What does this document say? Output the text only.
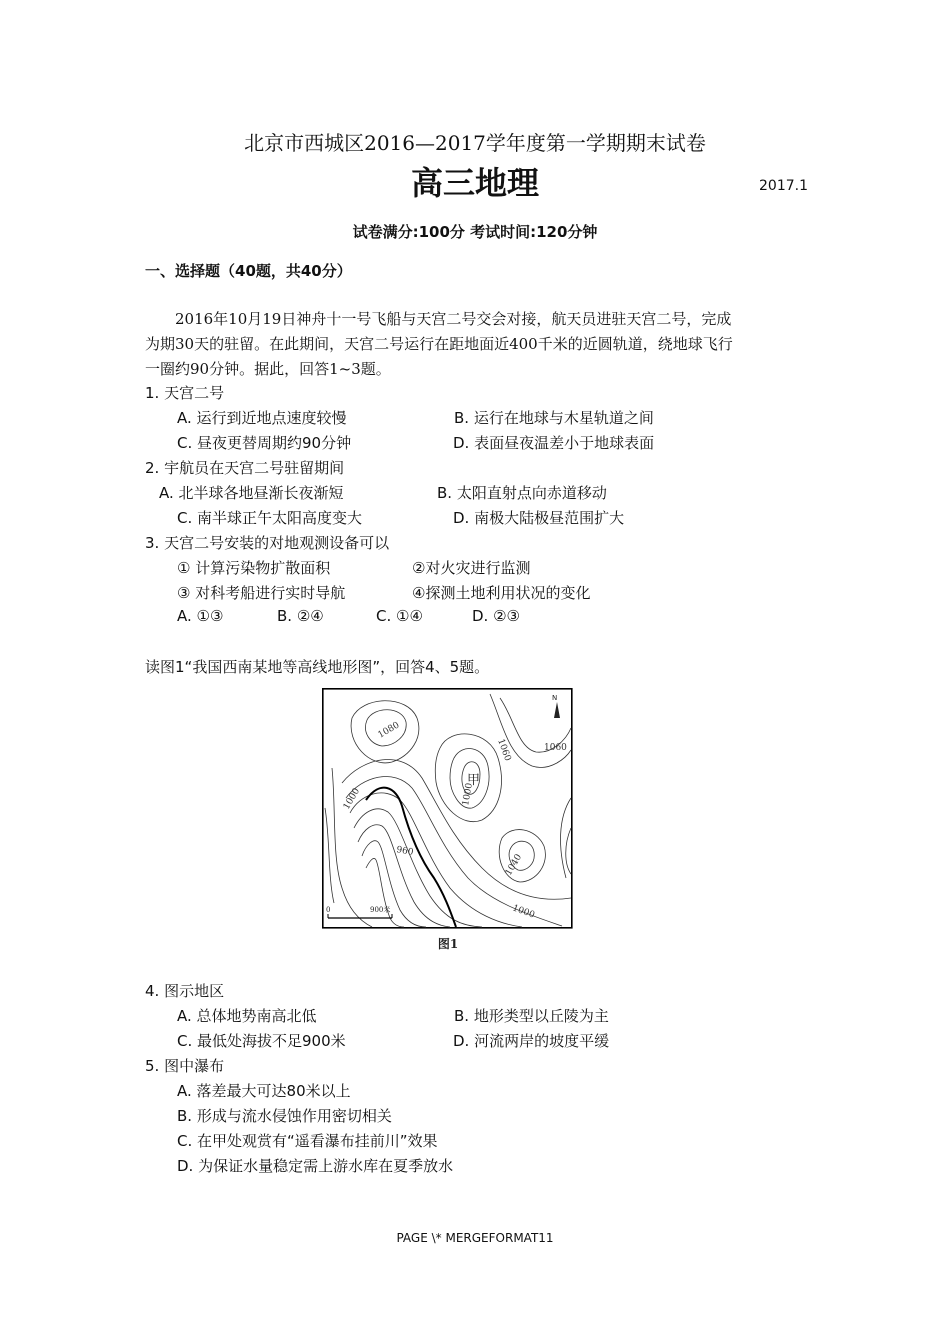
北京市西城区2016—2017学年度第一学期期末试卷
高三地理	2017.1
试卷满分:100分 考试时间:120分钟
一、选择题（40题，共40分）

2016年10月19日神舟十一号飞船与天宫二号交会对接，航天员进驻天宫二号，完成

为期30天的驻留。在此期间，天宫二号运行在距地面近400千米的近圆轨道，绕地球飞行

一圈约90分钟。据此，回答1~3题。

1. 天宫二号
A. 运行到近地点速度较慢	B. 运行在地球与木星轨道之间
C. 昼夜更替周期约90分钟	D. 表面昼夜温差小于地球表面
2. 宇航员在天宫二号驻留期间
A. 北半球各地昼渐长夜渐短	B. 太阳直射点向赤道移动
C. 南半球正午太阳高度变大	D. 南极大陆极昼范围扩大
3. 天宫二号安装的对地观测设备可以
① 计算污染物扩散面积	②对火灾进行监测
③ 对科考船进行实时导航	④探测土地利用状况的变化
A. ①③	B. ②④	C. ①④	D. ②③
读图1“我国西南某地等高线地形图”，回答4、5题。
1080
1000
1060	1060
1000
960
1040
1000
甲
N
0	900米
图1
4. 图示地区
A. 总体地势南高北低	B. 地形类型以丘陵为主
C. 最低处海拔不足900米	D. 河流两岸的坡度平缓
5. 图中瀑布
A. 落差最大可达80米以上
B. 形成与流水侵蚀作用密切相关
C. 在甲处观赏有“遥看瀑布挂前川”效果
D. 为保证水量稳定需上游水库在夏季放水
PAGE \* MERGEFORMAT11
